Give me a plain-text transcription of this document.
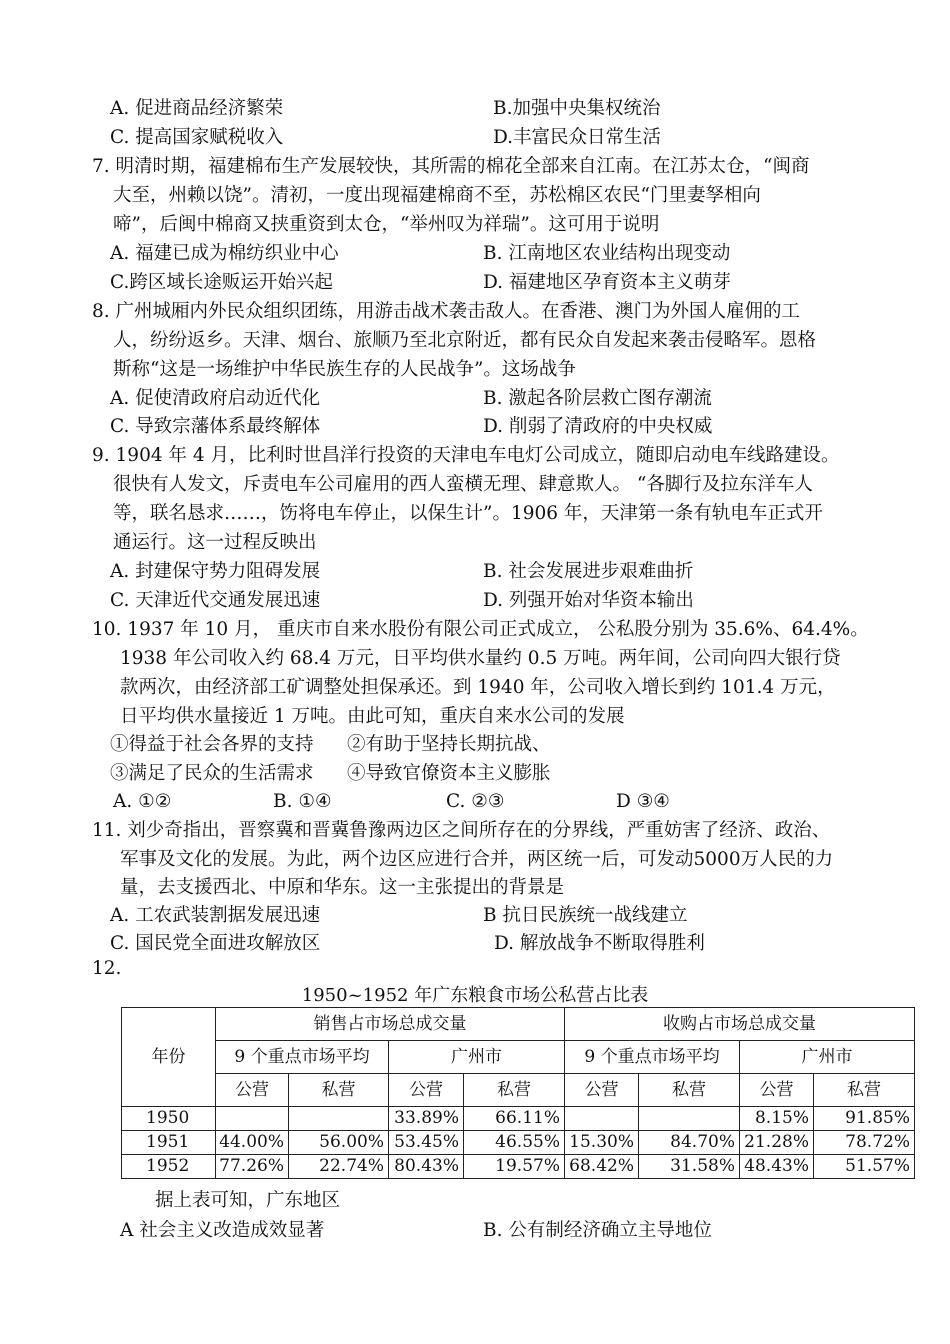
A. 促进商品经济繁荣	B.加强中央集权统治
C. 提高国家赋税收入	D.丰富民众日常生活
7. 明清时期，福建棉布生产发展较快，其所需的棉花全部来自江南。在江苏太仓，“闽商
大至，州赖以饶”。清初，一度出现福建棉商不至，苏松棉区农民“门里妻孥相向
啼”，后闽中棉商又挟重资到太仓，“举州叹为祥瑞”。这可用于说明
A. 福建已成为棉纺织业中心	B. 江南地区农业结构出现变动
C.跨区域长途贩运开始兴起	D. 福建地区孕育资本主义萌芽
8. 广州城厢内外民众组织团练，用游击战术袭击敌人。在香港、澳门为外国人雇佣的工
人，纷纷返乡。天津、烟台、旅顺乃至北京附近，都有民众自发起来袭击侵略军。恩格
斯称“这是一场维护中华民族生存的人民战争”。这场战争
A. 促使清政府启动近代化	B. 激起各阶层救亡图存潮流
C. 导致宗藩体系最终解体	D. 削弱了清政府的中央权威
9. 1904 年 4 月，比利时世昌洋行投资的天津电车电灯公司成立，随即启动电车线路建设。
很快有人发文，斥责电车公司雇用的西人蛮横无理、肆意欺人。 “各脚行及拉东洋车人
等，联名恳求……，饬将电车停止，以保生计”。1906 年，天津第一条有轨电车正式开
通运行。这一过程反映出
A. 封建保守势力阻碍发展	B. 社会发展进步艰难曲折
C. 天津近代交通发展迅速	D. 列强开始对华资本输出
10. 1937 年 10 月， 重庆市自来水股份有限公司正式成立， 公私股分别为 35.6%、64.4%。
1938 年公司收入约 68.4 万元，日平均供水量约 0.5 万吨。两年间，公司向四大银行贷
款两次，由经济部工矿调整处担保承还。到 1940 年，公司收入增长到约 101.4 万元，
日平均供水量接近 1 万吨。由此可知，重庆自来水公司的发展
①得益于社会各界的支持 ②有助于坚持长期抗战、
③满足了民众的生活需求 ④导致官僚资本主义膨胀
A. ①②	B. ①④	C. ②③	D ③④
11. 刘少奇指出，晋察冀和晋冀鲁豫两边区之间所存在的分界线，严重妨害了经济、政治、
军事及文化的发展。为此，两个边区应进行合并，两区统一后，可发动5000万人民的力
量，去支援西北、中原和华东。这一主张提出的背景是
A. 工农武装割据发展迅速	B 抗日民族统一战线建立
C. 国民党全面进攻解放区	D. 解放战争不断取得胜利
12.
1950~1952 年广东粮食市场公私营占比表
年份	销售占市场总成交量				收购占市场总成交量			
	9 个重点市场平均		广州市		9 个重点市场平均		广州市	
	公营	私营	公营	私营	公营	私营	公营	私营
1950			33.89%	66.11%			8.15%	91.85%
1951	44.00%	56.00%	53.45%	46.55%	15.30%	84.70%	21.28%	78.72%
1952	77.26%	22.74%	80.43%	19.57%	68.42%	31.58%	48.43%	51.57%
据上表可知，广东地区
A 社会主义改造成效显著	B. 公有制经济确立主导地位
